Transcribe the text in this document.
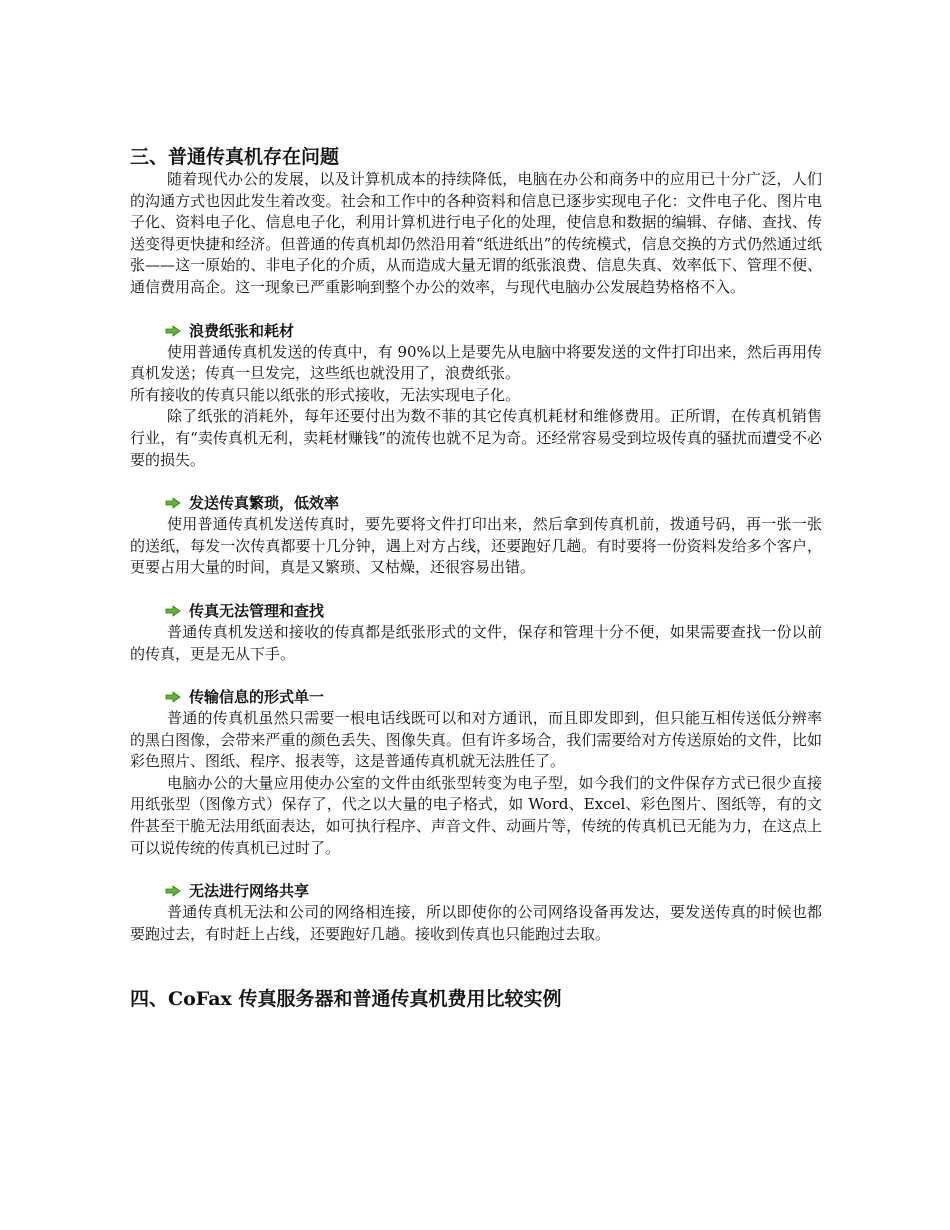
三、普通传真机存在问题

随着现代办公的发展，以及计算机成本的持续降低，电脑在办公和商务中的应用已十分广泛，人们的沟通方式也因此发生着改变。社会和工作中的各种资料和信息已逐步实现电子化：文件电子化、图片电子化、资料电子化、信息电子化，利用计算机进行电子化的处理，使信息和数据的编辑、存储、查找、传送变得更快捷和经济。但普通的传真机却仍然沿用着“纸进纸出”的传统模式，信息交换的方式仍然通过纸张——这一原始的、非电子化的介质，从而造成大量无谓的纸张浪费、信息失真、效率低下、管理不便、通信费用高企。这一现象已严重影响到整个办公的效率，与现代电脑办公发展趋势格格不入。

浪费纸张和耗材

使用普通传真机发送的传真中，有 90%以上是要先从电脑中将要发送的文件打印出来，然后再用传真机发送；传真一旦发完，这些纸也就没用了，浪费纸张。

所有接收的传真只能以纸张的形式接收，无法实现电子化。

除了纸张的消耗外，每年还要付出为数不菲的其它传真机耗材和维修费用。正所谓，在传真机销售行业，有“卖传真机无利，卖耗材赚钱”的流传也就不足为奇。还经常容易受到垃圾传真的骚扰而遭受不必要的损失。

发送传真繁琐，低效率

使用普通传真机发送传真时，要先要将文件打印出来，然后拿到传真机前，拨通号码，再一张一张的送纸，每发一次传真都要十几分钟，遇上对方占线，还要跑好几趟。有时要将一份资料发给多个客户，更要占用大量的时间，真是又繁琐、又枯燥，还很容易出错。

传真无法管理和查找

普通传真机发送和接收的传真都是纸张形式的文件，保存和管理十分不便，如果需要查找一份以前的传真，更是无从下手。

传输信息的形式单一

普通的传真机虽然只需要一根电话线既可以和对方通讯，而且即发即到，但只能互相传送低分辨率的黑白图像，会带来严重的颜色丢失、图像失真。但有许多场合，我们需要给对方传送原始的文件，比如彩色照片、图纸、程序、报表等，这是普通传真机就无法胜任了。

电脑办公的大量应用使办公室的文件由纸张型转变为电子型，如今我们的文件保存方式已很少直接用纸张型（图像方式）保存了，代之以大量的电子格式，如 Word、Excel、彩色图片、图纸等，有的文件甚至干脆无法用纸面表达，如可执行程序、声音文件、动画片等，传统的传真机已无能为力，在这点上可以说传统的传真机已过时了。

无法进行网络共享

普通传真机无法和公司的网络相连接，所以即使你的公司网络设备再发达，要发送传真的时候也都要跑过去，有时赶上占线，还要跑好几趟。接收到传真也只能跑过去取。

四、CoFax 传真服务器和普通传真机费用比较实例
